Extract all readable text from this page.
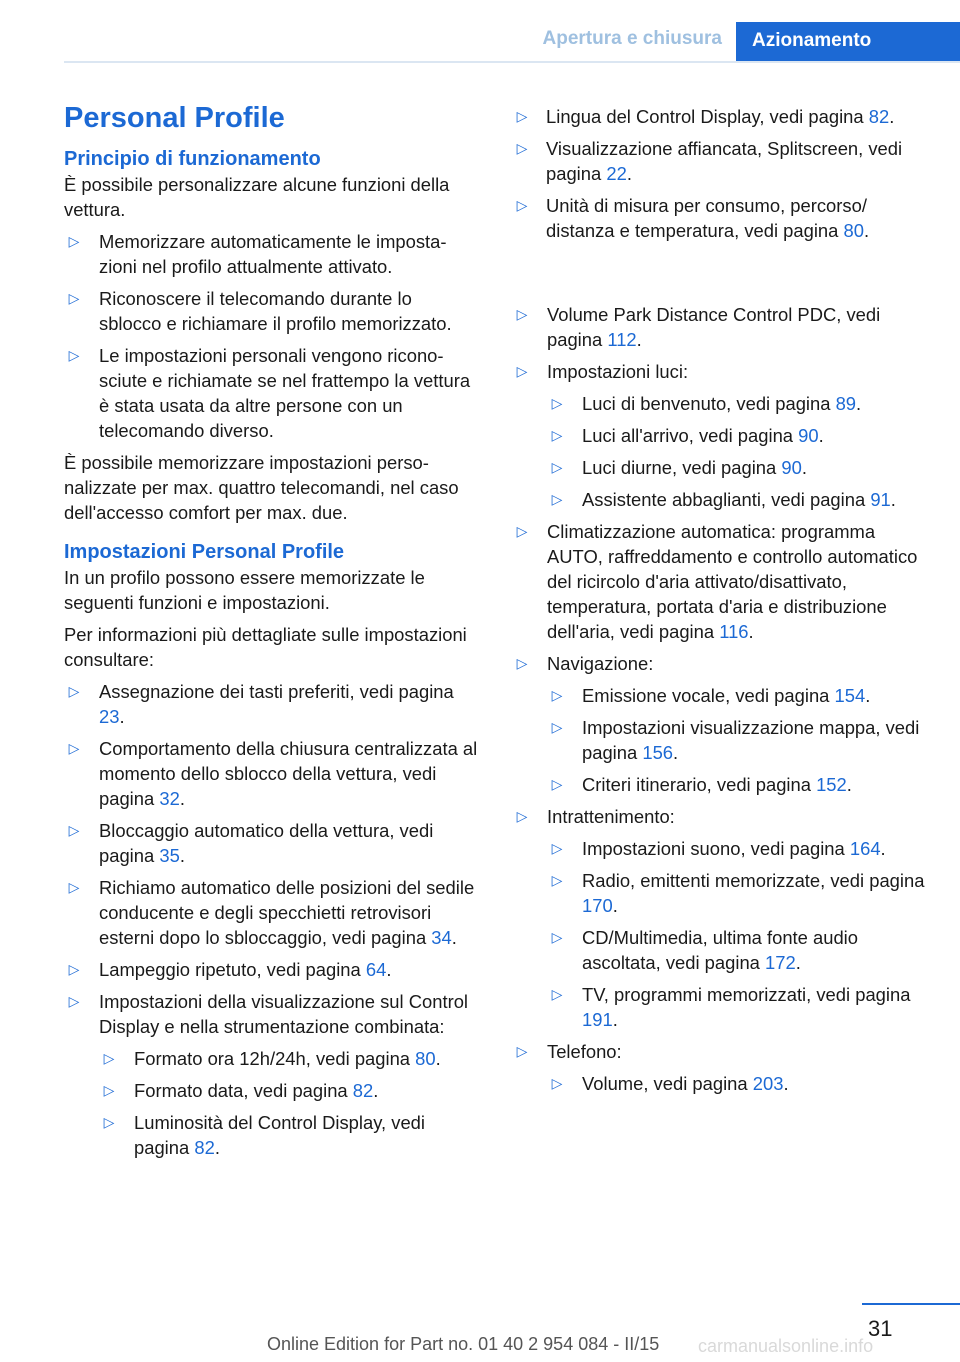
Apertura e chiusura	Azionamento
Personal Profile
Principio di funzionamento

È possibile personalizzare alcune funzioni della vettura.

▷ Memorizzare automaticamente le impostazioni nel profilo attualmente attivato.
▷ Riconoscere il telecomando durante lo sblocco e richiamare il profilo memorizzato.
▷ Le impostazioni personali vengono riconosciute e richiamate se nel frattempo la vettura è stata usata da altre persone con un telecomando diverso.

È possibile memorizzare impostazioni personalizzate per max. quattro telecomandi, nel caso dell'accesso comfort per max. due.

Impostazioni Personal Profile

In un profilo possono essere memorizzate le seguenti funzioni e impostazioni.

Per informazioni più dettagliate sulle impostazioni consultare:

▷ Assegnazione dei tasti preferiti, vedi pagina 23.
▷ Comportamento della chiusura centralizzata al momento dello sblocco della vettura, vedi pagina 32.
▷ Bloccaggio automatico della vettura, vedi pagina 35.
▷ Richiamo automatico delle posizioni del sedile conducente e degli specchietti retrovisori esterni dopo lo sbloccaggio, vedi pagina 34.
▷ Lampeggio ripetuto, vedi pagina 64.
▷ Impostazioni della visualizzazione sul Control Display e nella strumentazione combinata:
▷ Formato ora 12h/24h, vedi pagina 80.
▷ Formato data, vedi pagina 82.
▷ Luminosità del Control Display, vedi pagina 82.
▷ Lingua del Control Display, vedi pagina 82.
▷ Visualizzazione affiancata, Splitscreen, vedi pagina 22.
▷ Unità di misura per consumo, percorso/ distanza e temperatura, vedi pagina 80.
▷ Volume Park Distance Control PDC, vedi pagina 112.
▷ Impostazioni luci:
▷ Luci di benvenuto, vedi pagina 89.
▷ Luci all'arrivo, vedi pagina 90.
▷ Luci diurne, vedi pagina 90.
▷ Assistente abbaglianti, vedi pagina 91.
▷ Climatizzazione automatica: programma AUTO, raffreddamento e controllo automatico del ricircolo d'aria attivato/disattivato, temperatura, portata d'aria e distribuzione dell'aria, vedi pagina 116.
▷ Navigazione:
▷ Emissione vocale, vedi pagina 154.
▷ Impostazioni visualizzazione mappa, vedi pagina 156.
▷ Criteri itinerario, vedi pagina 152.
▷ Intrattenimento:
▷ Impostazioni suono, vedi pagina 164.
▷ Radio, emittenti memorizzate, vedi pagina 170.
▷ CD/Multimedia, ultima fonte audio ascoltata, vedi pagina 172.
▷ TV, programmi memorizzati, vedi pagina 191.
▷ Telefono:
▷ Volume, vedi pagina 203.
31
Online Edition for Part no. 01 40 2 954 084 - II/15 carmanualsonline.info
